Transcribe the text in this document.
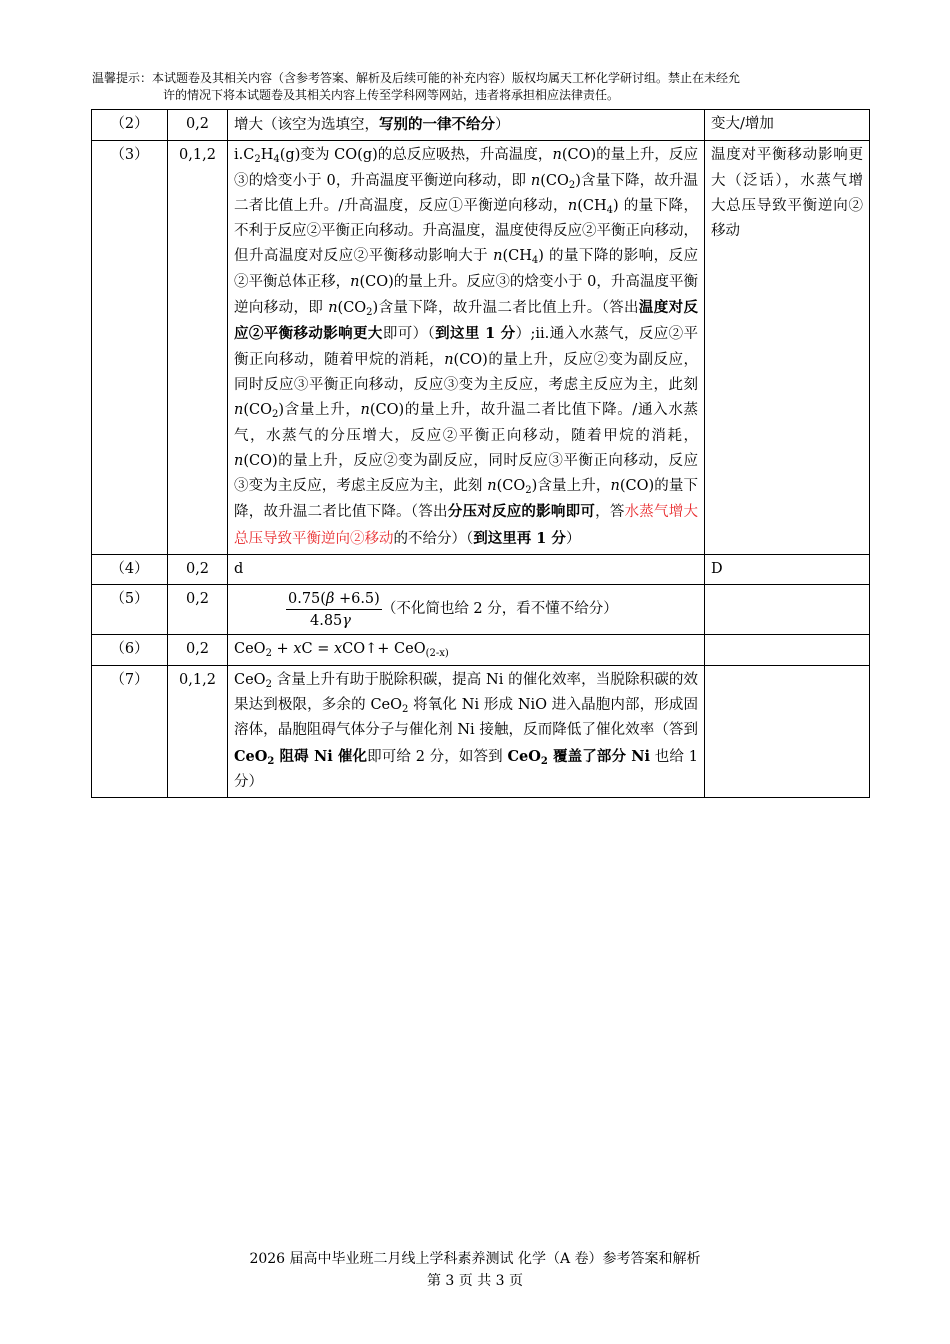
温馨提示：本试题卷及其相关内容（含参考答案、解析及后续可能的补充内容）版权均属天工杯化学研讨组。禁止在未经允
许的情况下将本试题卷及其相关内容上传至学科网等网站，违者将承担相应法律责任。
（2）	0,2	增大（该空为选填空，写别的一律不给分）	变大/增加
（3）	0,1,2	$i.C_2H_4(g)$变为 CO(g)的总反应吸热，升高温度，n(CO)的量上升，反应③的焓变小于 0，升高温度平衡逆向移动，即 $n(CO_2)$含量下降，故升温二者比值上升。/升高温度，反应①平衡逆向移动，$n(CH_4)$ 的量下降，不利于反应②平衡正向移动。升高温度，温度使得反应②平衡正向移动，但升高温度对反应②平衡移动影响大于 $n(CH_4)$ 的量下降的影响，反应②平衡总体正移，n(CO)的量上升。反应③的焓变小于 0，升高温度平衡逆向移动，即 $n(CO_2)$含量下降，故升温二者比值上升。（答出温度对反应②平衡移动影响更大即可）（到这里 1 分）;ii.通入水蒸气，反应②平衡正向移动，随着甲烷的消耗，n(CO)的量上升，反应②变为副反应，同时反应③平衡正向移动，反应③变为主反应，考虑主反应为主，此刻 $n(CO_2)$含量上升，n(CO)的量上升，故升温二者比值下降。/通入水蒸气，水蒸气的分压增大，反应②平衡正向移动，随着甲烷的消耗，n(CO)的量上升，反应②变为副反应，同时反应③平衡正向移动，反应③变为主反应，考虑主反应为主，此刻 $n(CO_2)$含量上升，n(CO)的量下降，故升温二者比值下降。（答出分压对反应的影响即可，答水蒸气增大总压导致平衡逆向②移动的不给分）（到这里再 1 分）	温度对平衡移动影响更大（泛话），水蒸气增大总压导致平衡逆向②移动
（4）	0,2	d	D
（5）	0,2	$\frac{0.75(\beta +6.5)}{4.85\gamma}$ （不化简也给 2 分，看不懂不给分）	
（6）	0,2	CeO$_2$ + xC = xCO↑+ CeO$_{(2-x)}$	
（7）	0,1,2	CeO$_2$ 含量上升有助于脱除积碳，提高 Ni 的催化效率，当脱除积碳的效果达到极限，多余的 CeO$_2$ 将氧化 Ni 形成 NiO 进入晶胞内部，形成固溶体，晶胞阻碍气体分子与催化剂 Ni 接触，反而降低了催化效率（答到 CeO$_2$ 阻碍 Ni 催化即可给 2 分，如答到 CeO$_2$ 覆盖了部分 Ni 也给 1 分）	
2026 届高中毕业班二月线上学科素养测试 化学（A 卷）参考答案和解析
第 3 页 共 3 页
